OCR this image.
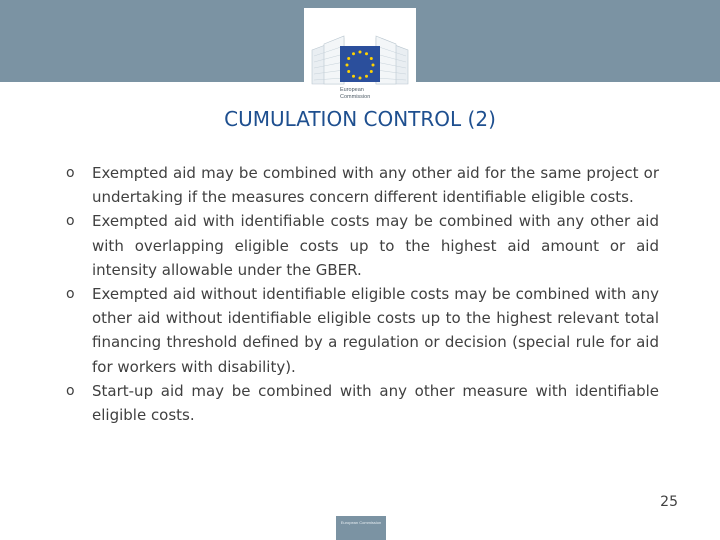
European
Commission
CUMULATION CONTROL (2)
o Exempted aid may be combined with any other aid for the same project or undertaking if the measures concern different identifiable eligible costs.
o Exempted aid with identifiable costs may be combined with any other aid with overlapping eligible costs up to the highest aid amount or aid intensity allowable under the GBER.
o Exempted aid without identifiable eligible costs may be combined with any other aid without identifiable eligible costs up to the highest relevant total financing threshold defined by a regulation or decision (special rule for aid for workers with disability).
o Start-up aid may be combined with any other measure with identifiable eligible costs.
25
European Commission
